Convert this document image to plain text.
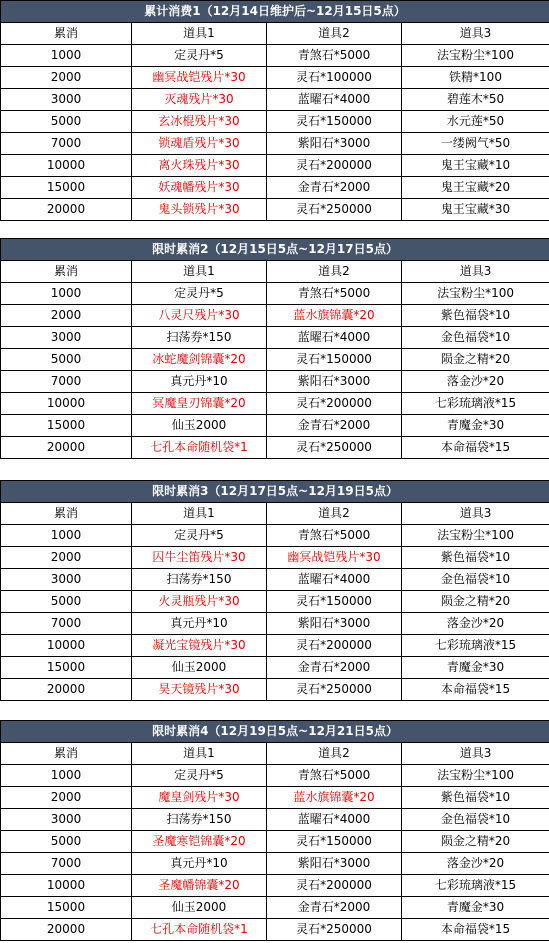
累计消费1（12月14日维护后~12月15日5点）			
累消	道具1	道具2	道具3
1000	定灵丹*5	青煞石*5000	法宝粉尘*100
2000	幽冥战铠残片*30	灵石*100000	铁精*100
3000	灭魂残片*30	蓝曜石*4000	碧莲木*50
5000	玄冰棍残片*30	灵石*150000	水元莲*50
7000	锁魂盾残片*30	紫阳石*3000	一缕阙气*50
10000	离火珠残片*30	灵石*200000	鬼王宝藏*10
15000	妖魂幡残片*30	金青石*2000	鬼王宝藏*20
20000	鬼头锁残片*30	灵石*250000	鬼王宝藏*30
限时累消2（12月15日5点~12月17日5点）			
累消	道具1	道具2	道具3
1000	定灵丹*5	青煞石*5000	法宝粉尘*100
2000	八灵尺残片*30	蓝水旗锦囊*20	紫色福袋*10
3000	扫荡券*150	蓝曜石*4000	金色福袋*10
5000	冰蛇魔剑锦囊*20	灵石*150000	陨金之精*20
7000	真元丹*10	紫阳石*3000	落金沙*20
10000	冥魔皇刃锦囊*20	灵石*200000	七彩琉璃液*15
15000	仙玉2000	金青石*2000	青魔金*30
20000	七孔本命随机袋*1	灵石*250000	本命福袋*15
限时累消3（12月17日5点~12月19日5点）			
累消	道具1	道具2	道具3
1000	定灵丹*5	青煞石*5000	法宝粉尘*100
2000	囚牛尘笛残片*30	幽冥战铠残片*30	紫色福袋*10
3000	扫荡券*150	蓝曜石*4000	金色福袋*10
5000	火灵瓶残片*30	灵石*150000	陨金之精*20
7000	真元丹*10	紫阳石*3000	落金沙*20
10000	凝光宝镜残片*30	灵石*200000	七彩琉璃液*15
15000	仙玉2000	金青石*2000	青魔金*30
20000	昊天镜残片*30	灵石*250000	本命福袋*15
限时累消4（12月19日5点~12月21日5点）			
累消	道具1	道具2	道具3
1000	定灵丹*5	青煞石*5000	法宝粉尘*100
2000	魔皇剑残片*30	蓝水旗锦囊*20	紫色福袋*10
3000	扫荡券*150	蓝曜石*4000	金色福袋*10
5000	圣魔寒铠锦囊*20	灵石*150000	陨金之精*20
7000	真元丹*10	紫阳石*3000	落金沙*20
10000	圣魔幡锦囊*20	灵石*200000	七彩琉璃液*15
15000	仙玉2000	金青石*2000	青魔金*30
20000	七孔本命随机袋*1	灵石*250000	本命福袋*15
